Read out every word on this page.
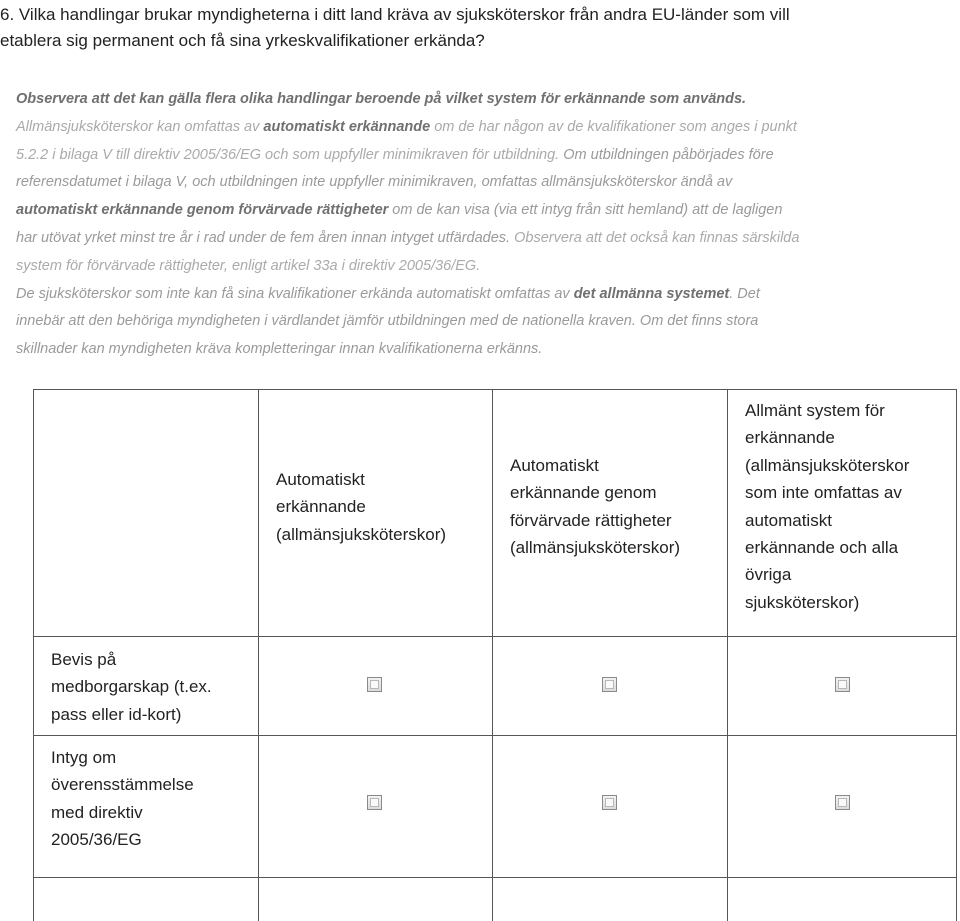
6. Vilka handlingar brukar myndigheterna i ditt land kräva av sjuksköterskor från andra EU-länder som vill
etablera sig permanent och få sina yrkeskvalifikationer erkända?
Observera att det kan gälla flera olika handlingar beroende på vilket system för erkännande som används.
Allmänsjuksköterskor kan omfattas av automatiskt erkännande om de har någon av de kvalifikationer som anges i punkt
5.2.2 i bilaga V till direktiv 2005/36/EG och som uppfyller minimikraven för utbildning. Om utbildningen påbörjades före
referensdatumet i bilaga V, och utbildningen inte uppfyller minimikraven, omfattas allmänsjuksköterskor ändå av
automatiskt erkännande genom förvärvade rättigheter om de kan visa (via ett intyg från sitt hemland) att de lagligen
har utövat yrket minst tre år i rad under de fem åren innan intyget utfärdades. Observera att det också kan finnas särskilda
system för förvärvade rättigheter, enligt artikel 33a i direktiv 2005/36/EG.
De sjuksköterskor som inte kan få sina kvalifikationer erkända automatiskt omfattas av det allmänna systemet. Det
innebär att den behöriga myndigheten i värdlandet jämför utbildningen med de nationella kraven. Om det finns stora
skillnader kan myndigheten kräva kompletteringar innan kvalifikationerna erkänns.
Automatiskt
erkännande
(allmänsjuksköterskor)
Automatiskt
erkännande genom
förvärvade rättigheter
(allmänsjuksköterskor)
Allmänt system för
erkännande
(allmänsjuksköterskor
som inte omfattas av
automatiskt
erkännande och alla
övriga
sjuksköterskor)
Bevis på
medborgarskap (t.ex.
pass eller id-kort)
Intyg om
överensstämmelse
med direktiv
2005/36/EG
